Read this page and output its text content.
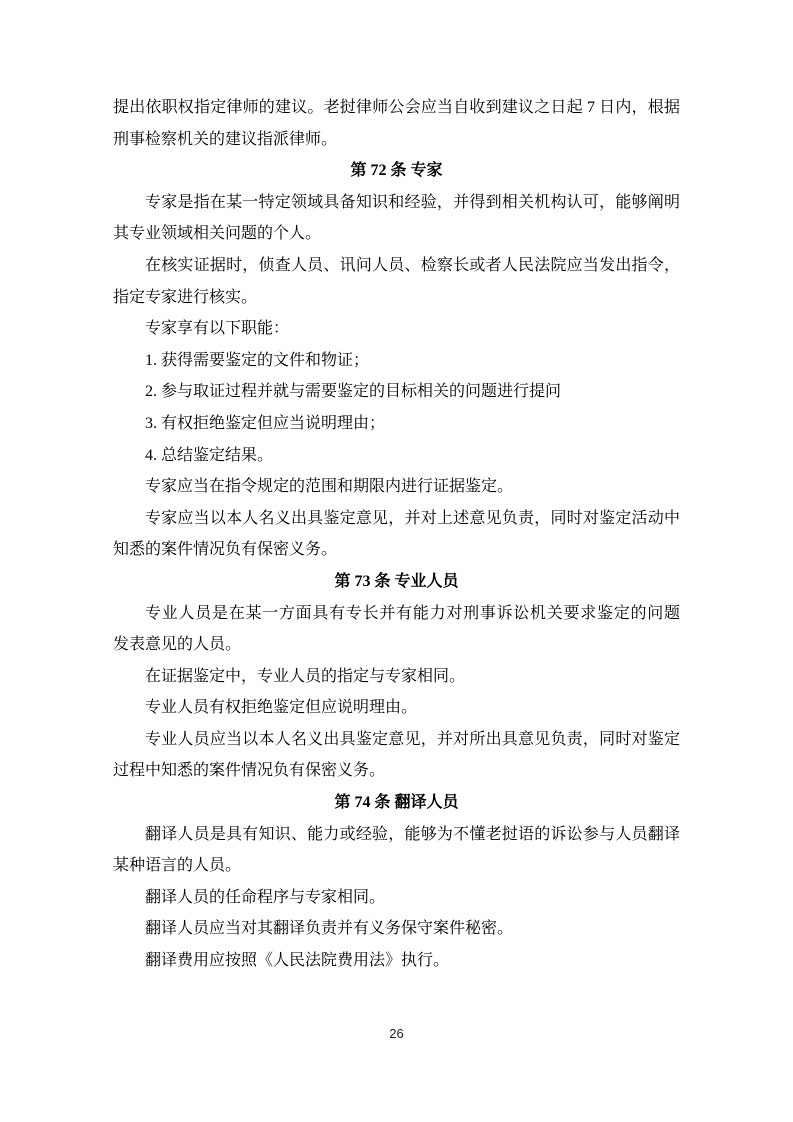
提出依职权指定律师的建议。老挝律师公会应当自收到建议之日起 7 日内，根据
刑事检察机关的建议指派律师。
第 72 条 专家
专家是指在某一特定领域具备知识和经验，并得到相关机构认可，能够阐明
其专业领域相关问题的个人。
在核实证据时，侦查人员、讯问人员、检察长或者人民法院应当发出指令，
指定专家进行核实。
专家享有以下职能：
1. 获得需要鉴定的文件和物证；
2. 参与取证过程并就与需要鉴定的目标相关的问题进行提问
3. 有权拒绝鉴定但应当说明理由；
4. 总结鉴定结果。
专家应当在指令规定的范围和期限内进行证据鉴定。
专家应当以本人名义出具鉴定意见，并对上述意见负责，同时对鉴定活动中
知悉的案件情况负有保密义务。
第 73 条 专业人员
专业人员是在某一方面具有专长并有能力对刑事诉讼机关要求鉴定的问题
发表意见的人员。
在证据鉴定中，专业人员的指定与专家相同。
专业人员有权拒绝鉴定但应说明理由。
专业人员应当以本人名义出具鉴定意见，并对所出具意见负责，同时对鉴定
过程中知悉的案件情况负有保密义务。
第 74 条 翻译人员
翻译人员是具有知识、能力或经验，能够为不懂老挝语的诉讼参与人员翻译
某种语言的人员。
翻译人员的任命程序与专家相同。
翻译人员应当对其翻译负责并有义务保守案件秘密。
翻译费用应按照《人民法院费用法》执行。
26
